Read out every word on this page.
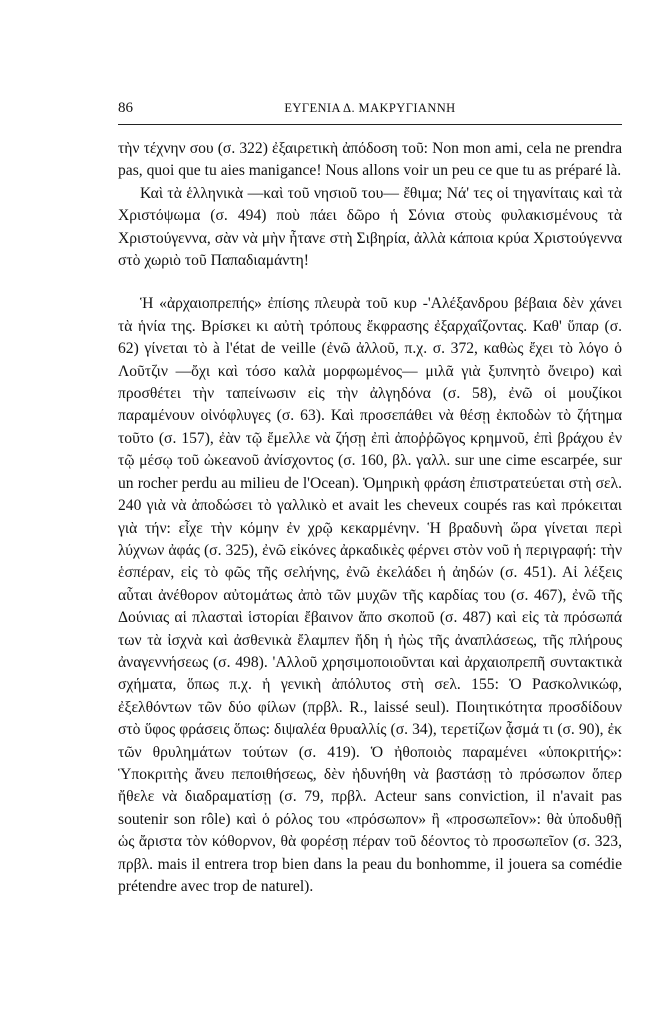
86	ΕΥΓΕΝΙΑ Δ. ΜΑΚΡΥΓΙΑΝΝΗ

τὴν τέχνην σου (σ. 322) ἐξαιρετικὴ ἀπόδοση τοῦ: Non mon ami, cela ne prendra pas, quoi que tu aies manigance! Nous allons voir un peu ce que tu as préparé là.

Καὶ τὰ ἑλληνικὰ —καὶ τοῦ νησιοῦ του— ἔθιμα; Νά' τες οἱ τηγανίταις καὶ τὰ Χριστόψωμα (σ. 494) ποὺ πάει δῶρο ἡ Σόνια στοὺς φυλακισμένους τὰ Χριστούγεννα, σὰν νὰ μὴν ἦτανε στὴ Σιβηρία, ἀλλὰ κάποια κρύα Χριστούγεννα στὸ χωριὸ τοῦ Παπαδιαμάντη!

Ἡ «ἀρχαιοπρεπής» ἐπίσης πλευρὰ τοῦ κυρ -'Αλέξανδρου βέβαια δὲν χάνει τὰ ἡνία της. Βρίσκει κι αὐτὴ τρόπους ἔκφρασης ἐξαρχαΐζοντας. Καθ' ὕπαρ (σ. 62) γίνεται τὸ à l'état de veille (ἐνῶ ἀλλοῦ, π.χ. σ. 372, καθὼς ἔχει τὸ λόγο ὁ Λοῦτζιν —ὄχι καὶ τόσο καλὰ μορφωμένος— μιλᾶ γιὰ ξυπνητὸ ὄνειρο) καὶ προσθέτει τὴν ταπείνωσιν εἰς τὴν ἀλγηδόνα (σ. 58), ἐνῶ οἱ μουζίκοι παραμένουν οἰνόφλυγες (σ. 63). Καὶ προσεπάθει νὰ θέσῃ ἐκποδὼν τὸ ζήτημα τοῦτο (σ. 157), ἐὰν τῷ ἔμελλε νὰ ζήσῃ ἐπὶ ἀποῤῥῶγος κρημνοῦ, ἐπὶ βράχου ἐν τῷ μέσῳ τοῦ ὠκεανοῦ ἀνίσχοντος (σ. 160, βλ. γαλλ. sur une cime escarpée, sur un rocher perdu au milieu de l'Ocean). Ὁμηρικὴ φράση ἐπιστρατεύεται στὴ σελ. 240 γιὰ νὰ ἀποδώσει τὸ γαλλικὸ et avait les cheveux coupés ras καὶ πρόκειται γιὰ τήν: εἶχε τὴν κόμην ἐν χρῷ κεκαρμένην. Ἡ βραδυνὴ ὥρα γίνεται περὶ λύχνων ἀφάς (σ. 325), ἐνῶ εἰκόνες ἀρκαδικὲς φέρνει στὸν νοῦ ἡ περιγραφή: τὴν ἑσπέραν, εἰς τὸ φῶς τῆς σελήνης, ἐνῶ ἐκελάδει ἡ ἀηδών (σ. 451). Αἱ λέξεις αὗται ἀνέθορον αὐτομάτως ἀπὸ τῶν μυχῶν τῆς καρδίας του (σ. 467), ἐνῶ τῆς Δούνιας αἱ πλασταὶ ἱστορίαι ἔβαινον ἄπο σκοποῦ (σ. 487) καὶ εἰς τὰ πρόσωπά των τὰ ἰσχνὰ καὶ ἀσθενικὰ ἔλαμπεν ἤδη ἡ ἠὼς τῆς ἀναπλάσεως, τῆς πλήρους ἀναγεννήσεως (σ. 498). 'Αλλοῦ χρησιμοποιοῦνται καὶ ἀρχαιοπρεπῆ συντακτικὰ σχήματα, ὅπως π.χ. ἡ γενικὴ ἀπόλυτος στὴ σελ. 155: Ὁ Ρασκολνικώφ, ἐξελθόντων τῶν δύο φίλων (πρβλ. R., laissé seul). Ποιητικότητα προσδίδουν στὸ ὕφος φράσεις ὅπως: διψαλέα θρυαλλίς (σ. 34), τερετίζων ᾆσμά τι (σ. 90), ἐκ τῶν θρυλημάτων τούτων (σ. 419). Ὁ ἠθοποιὸς παραμένει «ὑποκριτής»: Ὑποκριτὴς ἄνευ πεποιθήσεως, δὲν ἠδυνήθη νὰ βαστάσῃ τὸ πρόσωπον ὅπερ ἤθελε νὰ διαδραματίσῃ (σ. 79, πρβλ. Acteur sans conviction, il n'avait pas soutenir son rôle) καὶ ὁ ρόλος του «πρόσωπον» ἢ «προσωπεῖον»: θὰ ὑποδυθῇ ὡς ἄριστα τὸν κόθορνον, θὰ φορέσῃ πέραν τοῦ δέοντος τὸ προσωπεῖον (σ. 323, πρβλ. mais il entrera trop bien dans la peau du bonhomme, il jouera sa comédie prétendre avec trop de naturel).
